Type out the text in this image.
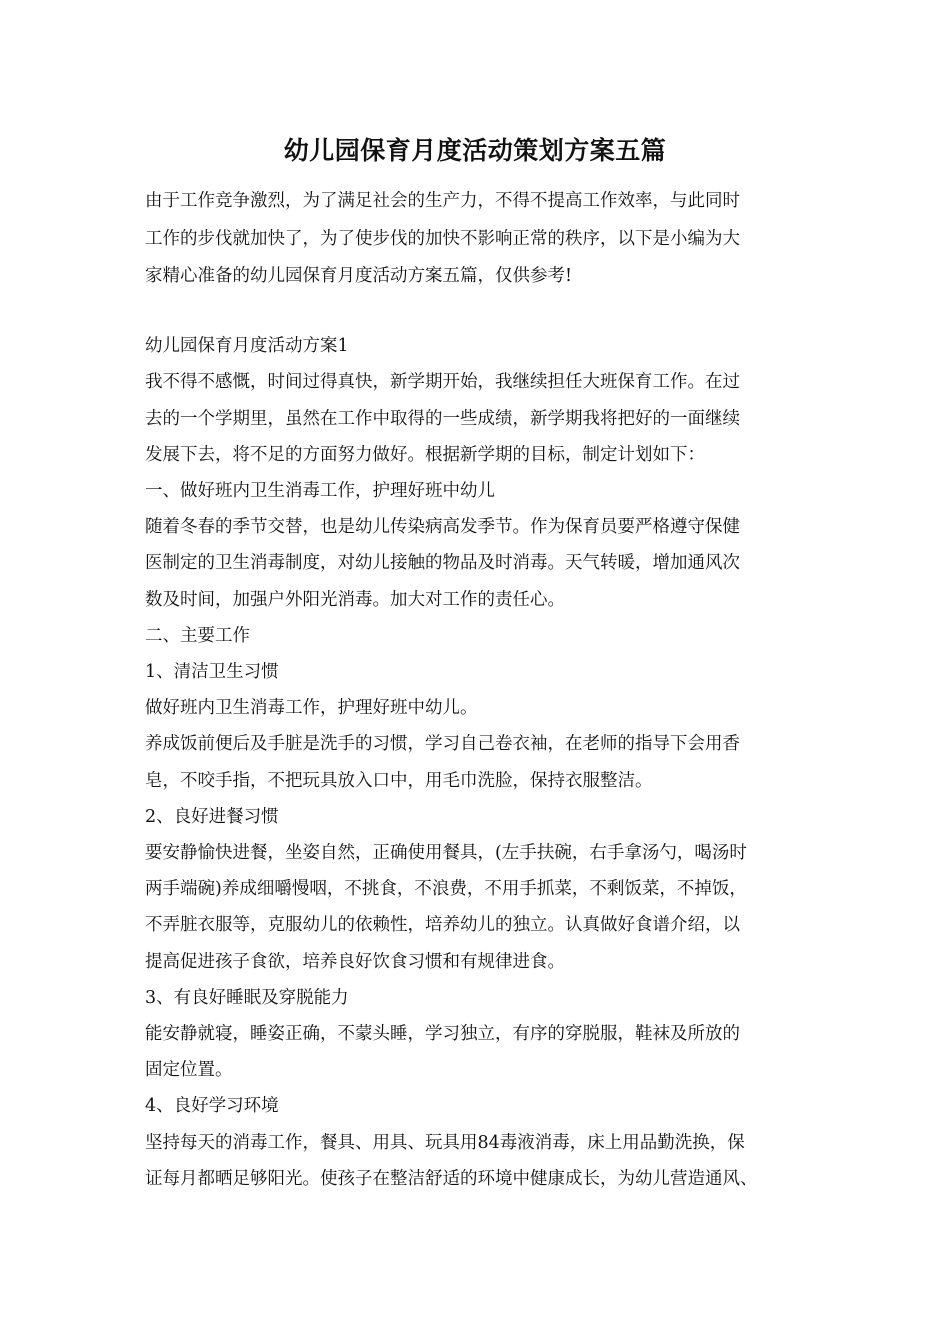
幼儿园保育月度活动策划方案五篇
由于工作竞争激烈，为了满足社会的生产力，不得不提高工作效率，与此同时
工作的步伐就加快了，为了使步伐的加快不影响正常的秩序，以下是小编为大
家精心准备的幼儿园保育月度活动方案五篇，仅供参考!
幼儿园保育月度活动方案1
我不得不感慨，时间过得真快，新学期开始，我继续担任大班保育工作。在过
去的一个学期里，虽然在工作中取得的一些成绩，新学期我将把好的一面继续
发展下去，将不足的方面努力做好。根据新学期的目标，制定计划如下：
一、做好班内卫生消毒工作，护理好班中幼儿
随着冬春的季节交替，也是幼儿传染病高发季节。作为保育员要严格遵守保健
医制定的卫生消毒制度，对幼儿接触的物品及时消毒。天气转暖，增加通风次
数及时间，加强户外阳光消毒。加大对工作的责任心。
二、主要工作
1、清洁卫生习惯
做好班内卫生消毒工作，护理好班中幼儿。
养成饭前便后及手脏是洗手的习惯，学习自己卷衣袖，在老师的指导下会用香
皂，不咬手指，不把玩具放入口中，用毛巾洗脸，保持衣服整洁。
2、良好进餐习惯
要安静愉快进餐，坐姿自然，正确使用餐具，(左手扶碗，右手拿汤勺，喝汤时
两手端碗)养成细嚼慢咽，不挑食，不浪费，不用手抓菜，不剩饭菜，不掉饭，
不弄脏衣服等，克服幼儿的依赖性，培养幼儿的独立。认真做好食谱介绍，以
提高促进孩子食欲，培养良好饮食习惯和有规律进食。
3、有良好睡眠及穿脱能力
能安静就寝，睡姿正确，不蒙头睡，学习独立，有序的穿脱服，鞋袜及所放的
固定位置。
4、良好学习环境
坚持每天的消毒工作，餐具、用具、玩具用84毒液消毒，床上用品勤洗换，保
证每月都晒足够阳光。使孩子在整洁舒适的环境中健康成长，为幼儿营造通风、
